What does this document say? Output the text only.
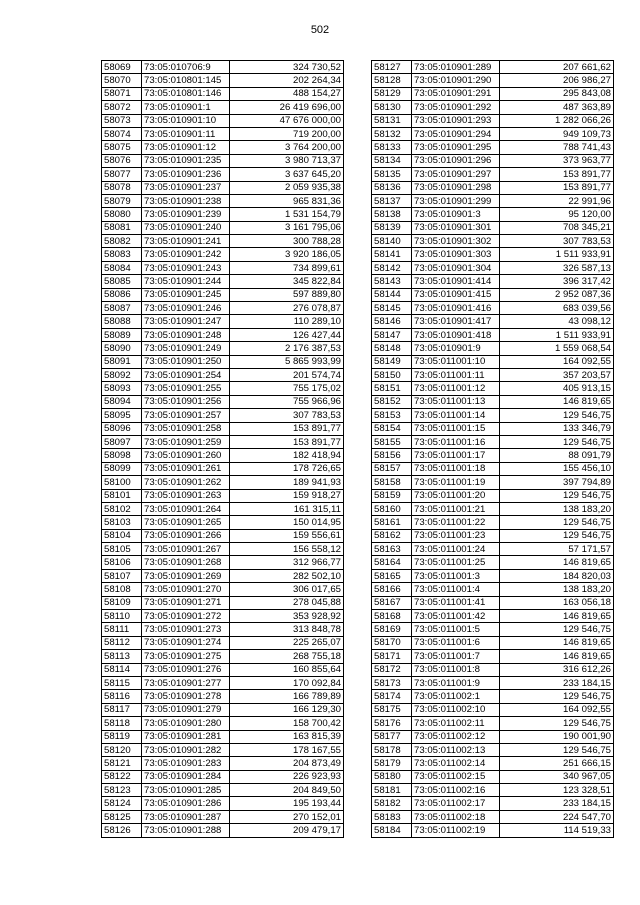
502
58069	73:05:010706:9	324 730,52
58070	73:05:010801:145	202 264,34
58071	73:05:010801:146	488 154,27
58072	73:05:010901:1	26 419 696,00
58073	73:05:010901:10	47 676 000,00
58074	73:05:010901:11	719 200,00
58075	73:05:010901:12	3 764 200,00
58076	73:05:010901:235	3 980 713,37
58077	73:05:010901:236	3 637 645,20
58078	73:05:010901:237	2 059 935,38
58079	73:05:010901:238	965 831,36
58080	73:05:010901:239	1 531 154,79
58081	73:05:010901:240	3 161 795,06
58082	73:05:010901:241	300 788,28
58083	73:05:010901:242	3 920 186,05
58084	73:05:010901:243	734 899,61
58085	73:05:010901:244	345 822,84
58086	73:05:010901:245	597 889,80
58087	73:05:010901:246	276 078,87
58088	73:05:010901:247	110 289,10
58089	73:05:010901:248	126 427,44
58090	73:05:010901:249	2 176 387,53
58091	73:05:010901:250	5 865 993,99
58092	73:05:010901:254	201 574,74
58093	73:05:010901:255	755 175,02
58094	73:05:010901:256	755 966,96
58095	73:05:010901:257	307 783,53
58096	73:05:010901:258	153 891,77
58097	73:05:010901:259	153 891,77
58098	73:05:010901:260	182 418,94
58099	73:05:010901:261	178 726,65
58100	73:05:010901:262	189 941,93
58101	73:05:010901:263	159 918,27
58102	73:05:010901:264	161 315,11
58103	73:05:010901:265	150 014,95
58104	73:05:010901:266	159 556,61
58105	73:05:010901:267	156 558,12
58106	73:05:010901:268	312 966,77
58107	73:05:010901:269	282 502,10
58108	73:05:010901:270	306 017,65
58109	73:05:010901:271	278 045,88
58110	73:05:010901:272	353 928,92
58111	73:05:010901:273	313 848,78
58112	73:05:010901:274	225 265,07
58113	73:05:010901:275	268 755,18
58114	73:05:010901:276	160 855,64
58115	73:05:010901:277	170 092,84
58116	73:05:010901:278	166 789,89
58117	73:05:010901:279	166 129,30
58118	73:05:010901:280	158 700,42
58119	73:05:010901:281	163 815,39
58120	73:05:010901:282	178 167,55
58121	73:05:010901:283	204 873,49
58122	73:05:010901:284	226 923,93
58123	73:05:010901:285	204 849,50
58124	73:05:010901:286	195 193,44
58125	73:05:010901:287	270 152,01
58126	73:05:010901:288	209 479,17
58127	73:05:010901:289	207 661,62
58128	73:05:010901:290	206 986,27
58129	73:05:010901:291	295 843,08
58130	73:05:010901:292	487 363,89
58131	73:05:010901:293	1 282 066,26
58132	73:05:010901:294	949 109,73
58133	73:05:010901:295	788 741,43
58134	73:05:010901:296	373 963,77
58135	73:05:010901:297	153 891,77
58136	73:05:010901:298	153 891,77
58137	73:05:010901:299	22 991,96
58138	73:05:010901:3	95 120,00
58139	73:05:010901:301	708 345,21
58140	73:05:010901:302	307 783,53
58141	73:05:010901:303	1 511 933,91
58142	73:05:010901:304	326 587,13
58143	73:05:010901:414	396 317,42
58144	73:05:010901:415	2 952 087,36
58145	73:05:010901:416	683 039,56
58146	73:05:010901:417	43 098,12
58147	73:05:010901:418	1 511 933,91
58148	73:05:010901:9	1 559 068,54
58149	73:05:011001:10	164 092,55
58150	73:05:011001:11	357 203,57
58151	73:05:011001:12	405 913,15
58152	73:05:011001:13	146 819,65
58153	73:05:011001:14	129 546,75
58154	73:05:011001:15	133 346,79
58155	73:05:011001:16	129 546,75
58156	73:05:011001:17	88 091,79
58157	73:05:011001:18	155 456,10
58158	73:05:011001:19	397 794,89
58159	73:05:011001:20	129 546,75
58160	73:05:011001:21	138 183,20
58161	73:05:011001:22	129 546,75
58162	73:05:011001:23	129 546,75
58163	73:05:011001:24	57 171,57
58164	73:05:011001:25	146 819,65
58165	73:05:011001:3	184 820,03
58166	73:05:011001:4	138 183,20
58167	73:05:011001:41	163 056,18
58168	73:05:011001:42	146 819,65
58169	73:05:011001:5	129 546,75
58170	73:05:011001:6	146 819,65
58171	73:05:011001:7	146 819,65
58172	73:05:011001:8	316 612,26
58173	73:05:011001:9	233 184,15
58174	73:05:011002:1	129 546,75
58175	73:05:011002:10	164 092,55
58176	73:05:011002:11	129 546,75
58177	73:05:011002:12	190 001,90
58178	73:05:011002:13	129 546,75
58179	73:05:011002:14	251 666,15
58180	73:05:011002:15	340 967,05
58181	73:05:011002:16	123 328,51
58182	73:05:011002:17	233 184,15
58183	73:05:011002:18	224 547,70
58184	73:05:011002:19	114 519,33
